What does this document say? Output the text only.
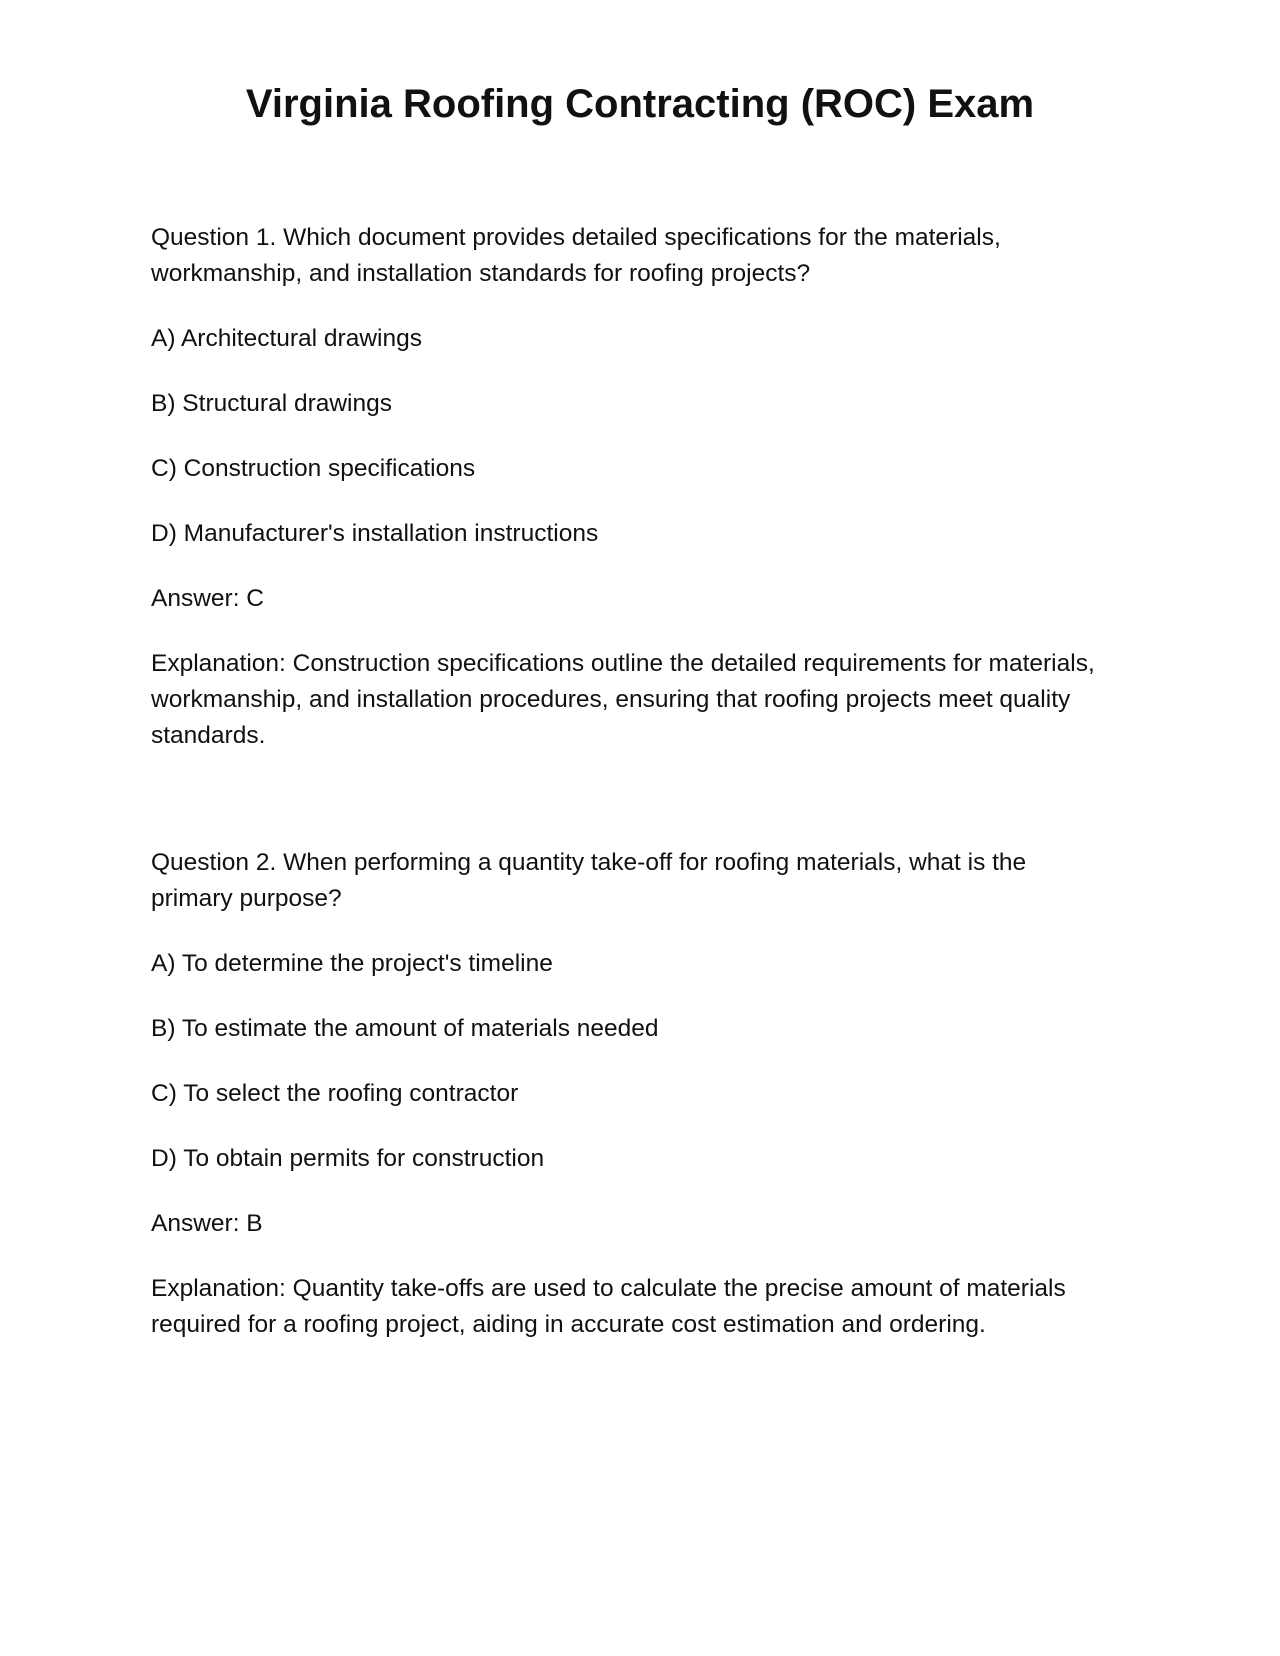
Virginia Roofing Contracting (ROC) Exam

Question 1. Which document provides detailed specifications for the materials, workmanship, and installation standards for roofing projects?

A) Architectural drawings

B) Structural drawings

C) Construction specifications

D) Manufacturer's installation instructions

Answer: C

Explanation: Construction specifications outline the detailed requirements for materials, workmanship, and installation procedures, ensuring that roofing projects meet quality standards.

Question 2. When performing a quantity take-off for roofing materials, what is the primary purpose?

A) To determine the project's timeline

B) To estimate the amount of materials needed

C) To select the roofing contractor

D) To obtain permits for construction

Answer: B

Explanation: Quantity take-offs are used to calculate the precise amount of materials required for a roofing project, aiding in accurate cost estimation and ordering.
